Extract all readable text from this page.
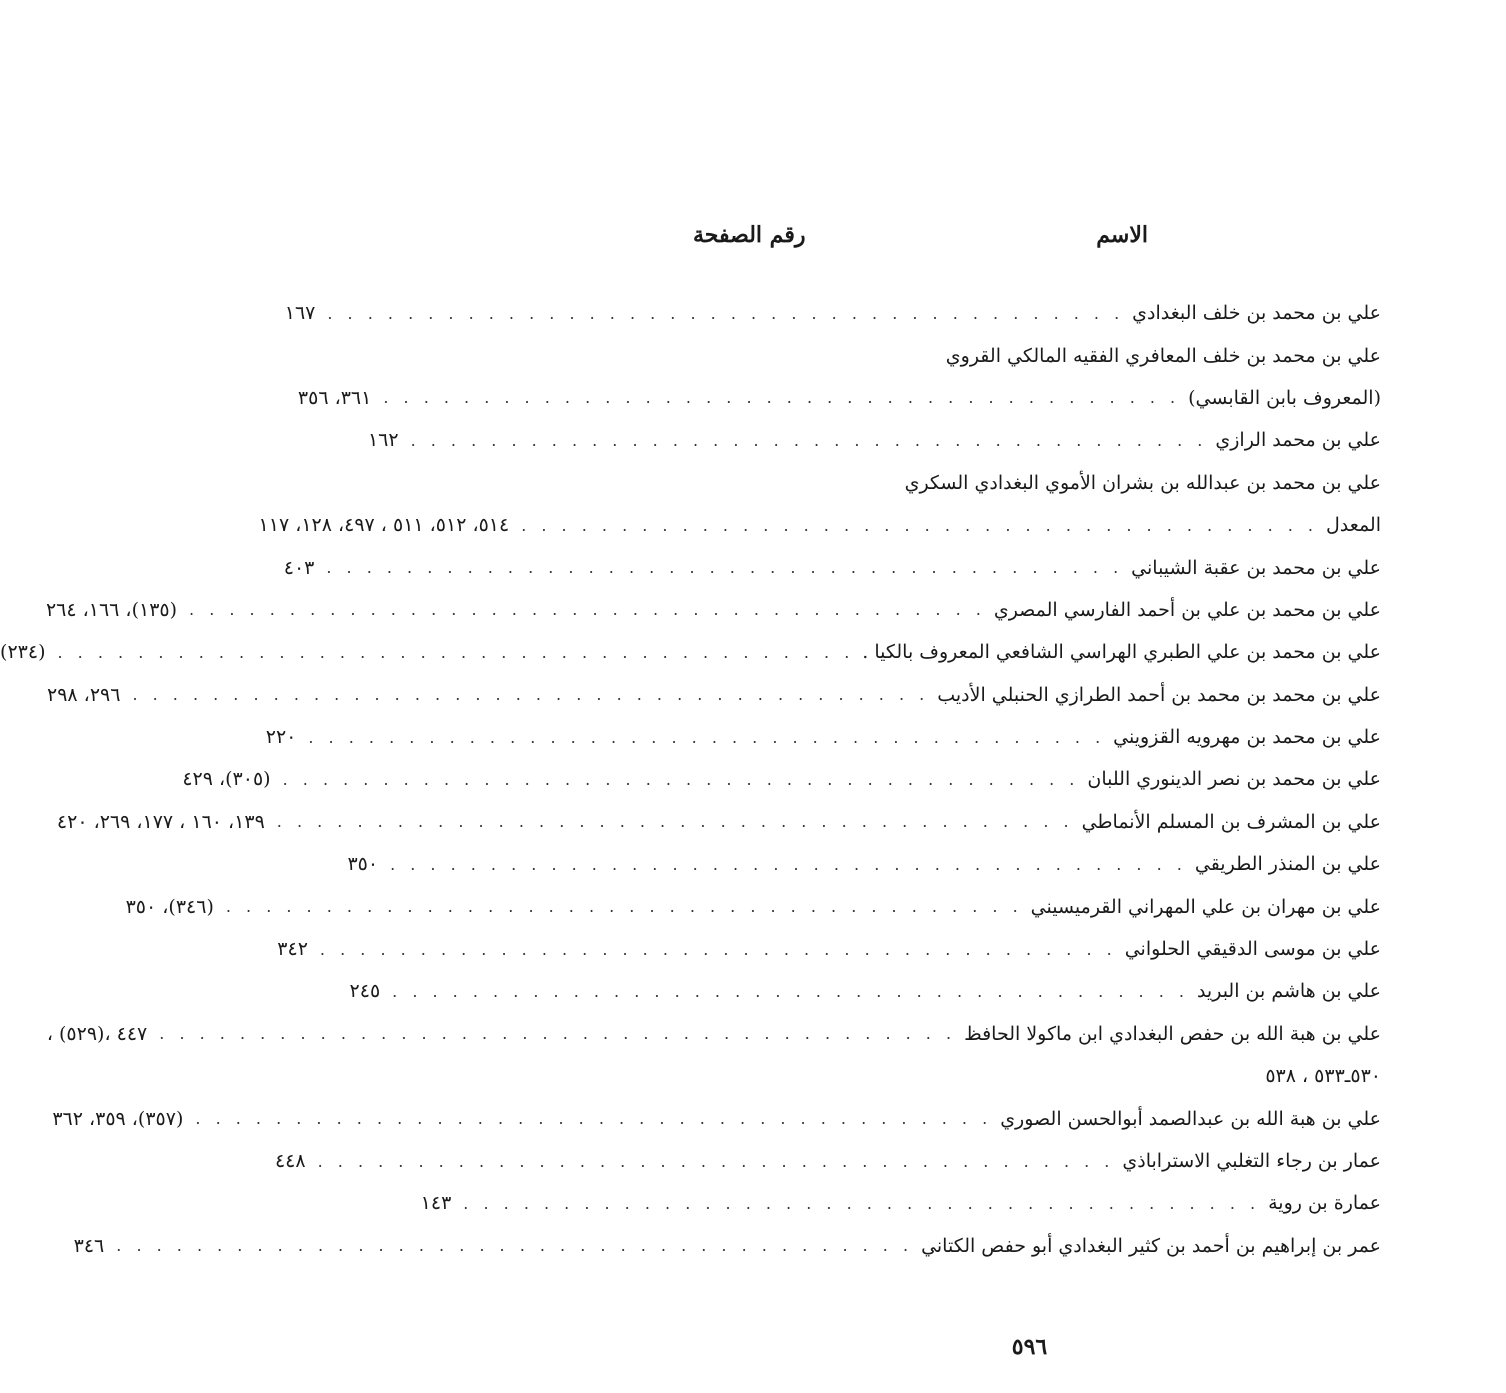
الاسم
رقم الصفحة
علي بن محمد بن خلف البغدادي
. . . . . . . . . . . . . . . . . . . . . . . . . . . . . . . . . . . . . . . .
١٦٧
علي بن محمد بن خلف المعافري الفقيه المالكي القروي
(المعروف بابن القابسي)
. . . . . . . . . . . . . . . . . . . . . . . . . . . . . . . . . . . . . . . .
٣٦١، ٣٥٦
علي بن محمد الرازي
. . . . . . . . . . . . . . . . . . . . . . . . . . . . . . . . . . . . . . . .
١٦٢
علي بن محمد بن عبدالله بن بشران الأموي البغدادي السكري
المعدل
. . . . . . . . . . . . . . . . . . . . . . . . . . . . . . . . . . . . . . . .
٥١٤، ٥١٢، ٥١١ ، ٤٩٧، ١٢٨، ١١٧
علي بن محمد بن عقبة الشيباني
. . . . . . . . . . . . . . . . . . . . . . . . . . . . . . . . . . . . . . . .
٤٠٣
علي بن محمد بن علي بن أحمد الفارسي المصري
. . . . . . . . . . . . . . . . . . . . . . . . . . . . . . . . . . . . . . . .
(١٣٥)، ١٦٦، ٢٦٤
علي بن محمد بن علي الطبري الهراسي الشافعي المعروف بالكيا .
. . . . . . . . . . . . . . . . . . . . . . . . . . . . . . . . . . . . . . . .
(٢٣٤)
علي بن محمد بن محمد بن أحمد الطرازي الحنبلي الأديب
. . . . . . . . . . . . . . . . . . . . . . . . . . . . . . . . . . . . . . . .
٢٩٦، ٢٩٨
علي بن محمد بن مهرويه القزويني
. . . . . . . . . . . . . . . . . . . . . . . . . . . . . . . . . . . . . . . .
٢٢٠
علي بن محمد بن نصر الدينوري اللبان
. . . . . . . . . . . . . . . . . . . . . . . . . . . . . . . . . . . . . . . .
(٣٠٥)، ٤٢٩
علي بن المشرف بن المسلم الأنماطي
. . . . . . . . . . . . . . . . . . . . . . . . . . . . . . . . . . . . . . . .
١٣٩، ١٦٠ ، ١٧٧، ٢٦٩، ٤٢٠
علي بن المنذر الطريقي
. . . . . . . . . . . . . . . . . . . . . . . . . . . . . . . . . . . . . . . .
٣٥٠
علي بن مهران بن علي المهراني القرميسيني
. . . . . . . . . . . . . . . . . . . . . . . . . . . . . . . . . . . . . . . .
(٣٤٦)، ٣٥٠
علي بن موسى الدقيقي الحلواني
. . . . . . . . . . . . . . . . . . . . . . . . . . . . . . . . . . . . . . . .
٣٤٢
علي بن هاشم بن البريد
. . . . . . . . . . . . . . . . . . . . . . . . . . . . . . . . . . . . . . . .
٢٤٥
علي بن هبة الله بن حفص البغدادي ابن ماكولا الحافظ
. . . . . . . . . . . . . . . . . . . . . . . . . . . . . . . . . . . . . . . .
٤٤٧ ،(٥٢٩) ،
٥٣٠ـ٥٣٣ ، ٥٣٨
علي بن هبة الله بن عبدالصمد أبوالحسن الصوري
. . . . . . . . . . . . . . . . . . . . . . . . . . . . . . . . . . . . . . . .
(٣٥٧)، ٣٥٩، ٣٦٢
عمار بن رجاء التغلبي الاستراباذي
. . . . . . . . . . . . . . . . . . . . . . . . . . . . . . . . . . . . . . . .
٤٤٨
عمارة بن روية
. . . . . . . . . . . . . . . . . . . . . . . . . . . . . . . . . . . . . . . .
١٤٣
عمر بن إبراهيم بن أحمد بن كثير البغدادي أبو حفص الكتاني
. . . . . . . . . . . . . . . . . . . . . . . . . . . . . . . . . . . . . . . .
٣٤٦
٥٩٦
